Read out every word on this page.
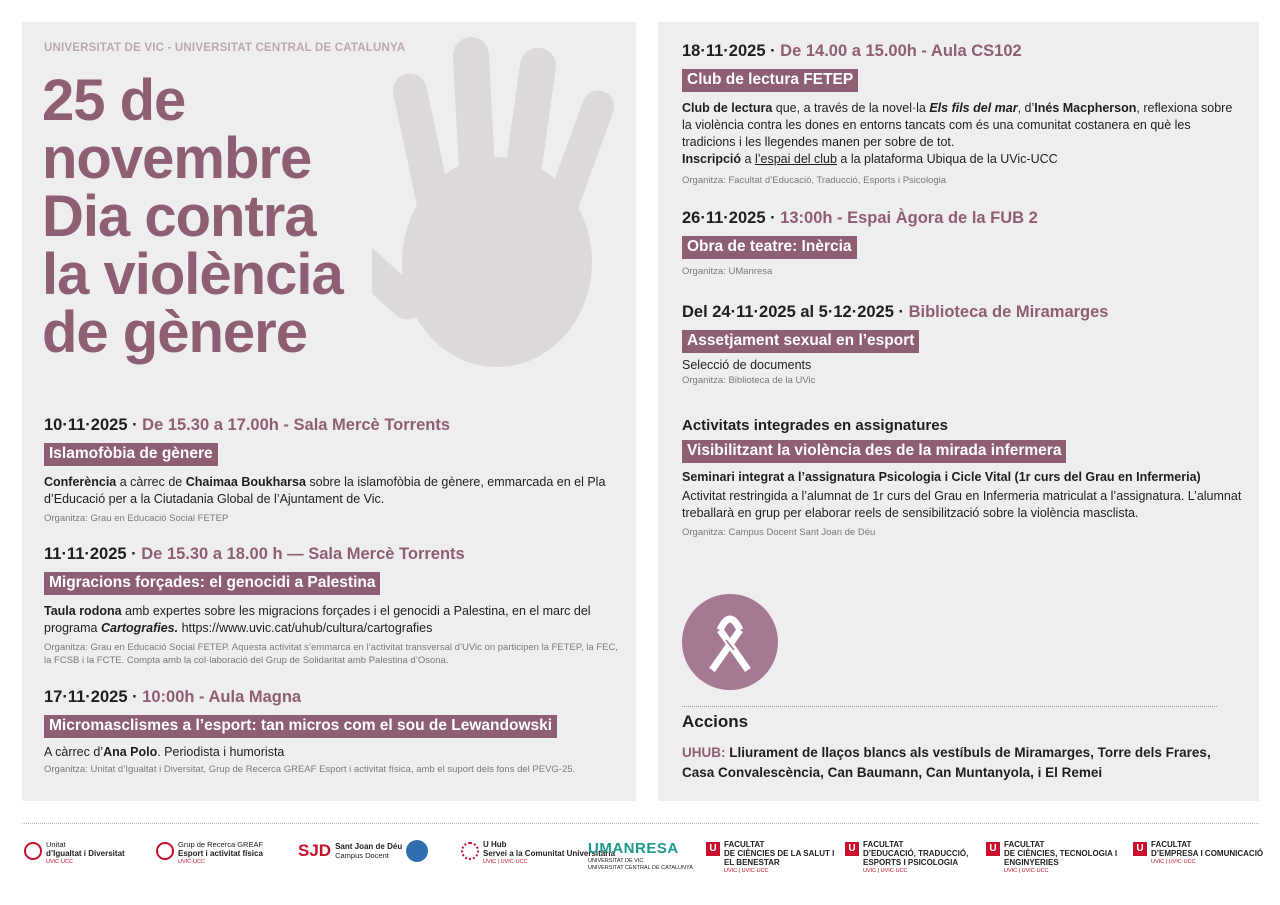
UNIVERSITAT DE VIC - UNIVERSITAT CENTRAL DE CATALUNYA
25 de
novembre
Dia contra
la violència
de gènere
10·11·2025 · De 15.30 a 17.00h - Sala Mercè Torrents
Islamofòbia de gènere
Conferència a càrrec de Chaimaa Boukharsa sobre la islamofòbia de gènere, emmarcada en el Pla d’Educació per a la Ciutadania Global de l’Ajuntament de Vic.
Organitza: Grau en Educació Social FETEP
11·11·2025 · De 15.30 a 18.00 h — Sala Mercè Torrents
Migracions forçades: el genocidi a Palestina
Taula rodona amb expertes sobre les migracions forçades i el genocidi a Palestina, en el marc del programa Cartografies. https://www.uvic.cat/uhub/cultura/cartografies
Organitza: Grau en Educació Social FETEP. Aquesta activitat s’emmarca en l’activitat transversal d’UVic on participen la FETEP, la FEC, la FCSB i la FCTE. Compta amb la col·laboració del Grup de Solidaritat amb Palestina d’Osona.
17·11·2025 · 10:00h - Aula Magna
Micromasclismes a l’esport: tan micros com el sou de Lewandowski
A càrrec d’Ana Polo. Periodista i humorista
Organitza: Unitat d’Igualtat i Diversitat, Grup de Recerca GREAF Esport i activitat física, amb el suport dels fons del PEVG-25.
18·11·2025 · De 14.00 a 15.00h - Aula CS102
Club de lectura FETEP
Club de lectura que, a través de la novel·la Els fils del mar, d’Inés Macpherson, reflexiona sobre la violència contra les dones en entorns tancats com és una comunitat costanera en què les tradicions i les llegendes manen per sobre de tot.
Inscripció a l’espai del club a la plataforma Ubiqua de la UVic-UCC
Organitza: Facultat d’Educació, Traducció, Esports i Psicologia
26·11·2025 · 13:00h - Espai Àgora de la FUB 2
Obra de teatre: Inèrcia
Organitza: UManresa
Del 24·11·2025 al 5·12·2025 · Biblioteca de Miramarges
Assetjament sexual en l’esport
Selecció de documents
Organitza: Biblioteca de la UVic
Activitats integrades en assignatures
Visibilitzant la violència des de la mirada infermera
Seminari integrat a l’assignatura Psicologia i Cicle Vital (1r curs del Grau en Infermeria)
Activitat restringida a l’alumnat de 1r curs del Grau en Infermeria matriculat a l’assignatura. L’alumnat treballarà en grup per elaborar reels de sensibilització sobre la violència masclista.
Organitza: Campus Docent Sant Joan de Déu
Accions
UHUB: Lliurament de llaços blancs als vestíbuls de Miramarges, Torre dels Frares, Casa Convalescència, Can Baumann, Can Muntanyola, i El Remei
Unitat
d’Igualtat i Diversitat
UVIC·UCC
Grup de Recerca GREAF
Esport i activitat física
UVIC·UCC
SJD Sant Joan de Déu
Campus Docent
U Hub
Servei a la Comunitat Universitària
UVIC | UVIC-UCC
UMANRESA
UNIVERSITAT DE VIC
UNIVERSITAT CENTRAL DE CATALUNYA
U FACULTAT
DE CIÈNCIES DE LA SALUT I EL BENESTAR
UVIC | UVIC·UCC
U FACULTAT
D’EDUCACIÓ, TRADUCCIÓ, ESPORTS I PSICOLOGIA
UVIC | UVIC·UCC
U FACULTAT
DE CIÈNCIES, TECNOLOGIA I ENGINYERIES
UVIC | UVIC·UCC
U FACULTAT
D’EMPRESA I COMUNICACIÓ
UVIC | UVIC·UCC
